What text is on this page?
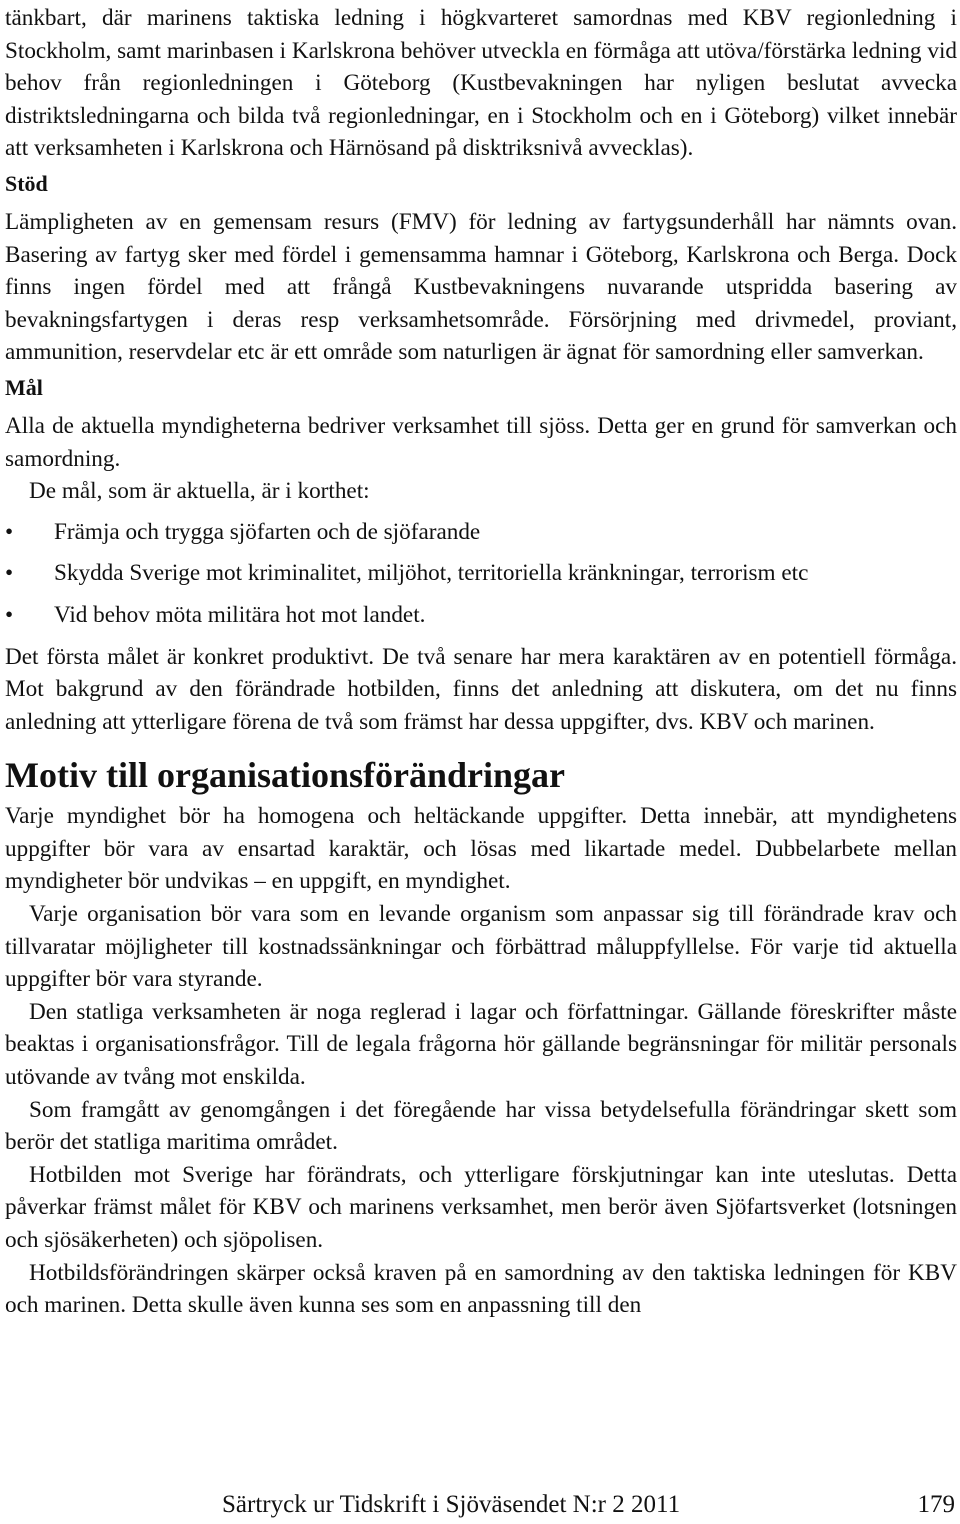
tänkbart, där marinens taktiska ledning i högkvarteret samordnas med KBV regionledning i Stockholm, samt marinbasen i Karlskrona behöver utveckla en förmåga att utöva/förstärka ledning vid behov från regionledningen i Göteborg (Kustbevakningen har nyligen beslutat avvecka distriktsledningarna och bilda två regionledningar, en i Stockholm och en i Göteborg) vilket innebär att verksamheten i Karlskrona och Härnösand på disktriksnivå avvecklas).

Stöd

Lämpligheten av en gemensam resurs (FMV) för ledning av fartygsunderhåll har nämnts ovan. Basering av fartyg sker med fördel i gemensamma hamnar i Göteborg, Karlskrona och Berga. Dock finns ingen fördel med att frångå Kustbevakningens nuvarande utspridda basering av bevakningsfartygen i deras resp verksamhetsområde. Försörjning med drivmedel, proviant, ammunition, reservdelar etc är ett område som naturligen är ägnat för samordning eller samverkan.

Mål

Alla de aktuella myndigheterna bedriver verksamhet till sjöss. Detta ger en grund för samverkan och samordning.

De mål, som är aktuella, är i korthet:

• Främja och trygga sjöfarten och de sjöfarande
• Skydda Sverige mot kriminalitet, miljöhot, territoriella kränkningar, terrorism etc
• Vid behov möta militära hot mot landet.

Det första målet är konkret produktivt. De två senare har mera karaktären av en potentiell förmåga. Mot bakgrund av den förändrade hotbilden, finns det anledning att diskutera, om det nu finns anledning att ytterligare förena de två som främst har dessa uppgifter, dvs. KBV och marinen.

Motiv till organisationsförändringar

Varje myndighet bör ha homogena och heltäckande uppgifter. Detta innebär, att myndighetens uppgifter bör vara av ensartad karaktär, och lösas med likartade medel. Dubbelarbete mellan myndigheter bör undvikas – en uppgift, en myndighet.

Varje organisation bör vara som en levande organism som anpassar sig till förändrade krav och tillvaratar möjligheter till kostnadssänkningar och förbättrad måluppfyllelse. För varje tid aktuella uppgifter bör vara styrande.

Den statliga verksamheten är noga reglerad i lagar och författningar. Gällande föreskrifter måste beaktas i organisationsfrågor. Till de legala frågorna hör gällande begränsningar för militär personals utövande av tvång mot enskilda.

Som framgått av genomgången i det föregående har vissa betydelsefulla förändringar skett som berör det statliga maritima området.

Hotbilden mot Sverige har förändrats, och ytterligare förskjutningar kan inte uteslutas. Detta påverkar främst målet för KBV och marinens verksamhet, men berör även Sjöfartsverket (lotsningen och sjösäkerheten) och sjöpolisen.

Hotbildsförändringen skärper också kraven på en samordning av den taktiska ledningen för KBV och marinen. Detta skulle även kunna ses som en anpassning till den

Särtryck ur Tidskrift i Sjöväsendet N:r 2 2011	179
